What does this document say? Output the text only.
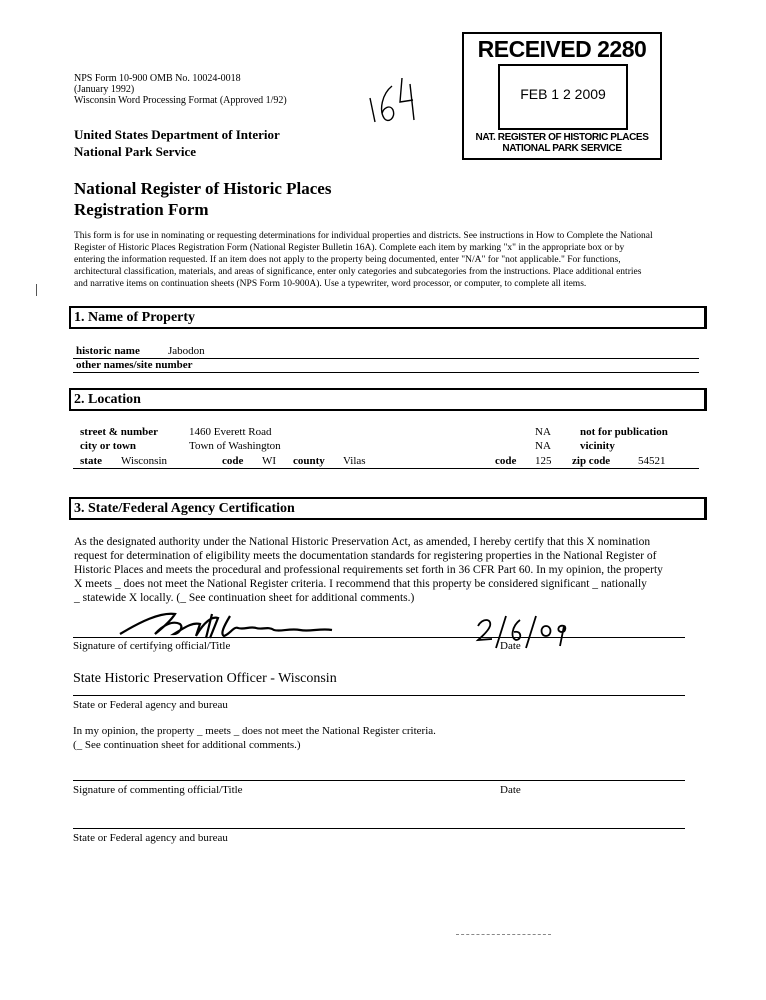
NPS Form 10-900 OMB No. 10024-0018
(January 1992)
Wisconsin Word Processing Format (Approved 1/92)
United States Department of Interior
National Park Service
RECEIVED 2280
FEB 1 2 2009
NAT. REGISTER OF HISTORIC PLACES
NATIONAL PARK SERVICE
National Register of Historic Places
Registration Form
This form is for use in nominating or requesting determinations for individual properties and districts. See instructions in How to Complete the National
Register of Historic Places Registration Form (National Register Bulletin 16A). Complete each item by marking "x" in the appropriate box or by
entering the information requested. If an item does not apply to the property being documented, enter "N/A" for "not applicable." For functions,
architectural classification, materials, and areas of significance, enter only categories and subcategories from the instructions. Place additional entries
and narrative items on continuation sheets (NPS Form 10-900A). Use a typewriter, word processor, or computer, to complete all items.
1. Name of Property
historic name	Jabodon
other names/site number
2. Location
street & number	1460 Everett Road	NA	not for publication
city or town	Town of Washington	NA	vicinity
state Wisconsin	code WI county Vilas	code 125 zip code	54521
3. State/Federal Agency Certification
As the designated authority under the National Historic Preservation Act, as amended, I hereby certify that this X nomination
request for determination of eligibility meets the documentation standards for registering properties in the National Register of
Historic Places and meets the procedural and professional requirements set forth in 36 CFR Part 60. In my opinion, the property
X meets _ does not meet the National Register criteria. I recommend that this property be considered significant _ nationally
_ statewide X locally. (_ See continuation sheet for additional comments.)
Signature of certifying official/Title	Date
State Historic Preservation Officer - Wisconsin
State or Federal agency and bureau
In my opinion, the property _ meets _ does not meet the National Register criteria.
(_ See continuation sheet for additional comments.)
Signature of commenting official/Title	Date
State or Federal agency and bureau
